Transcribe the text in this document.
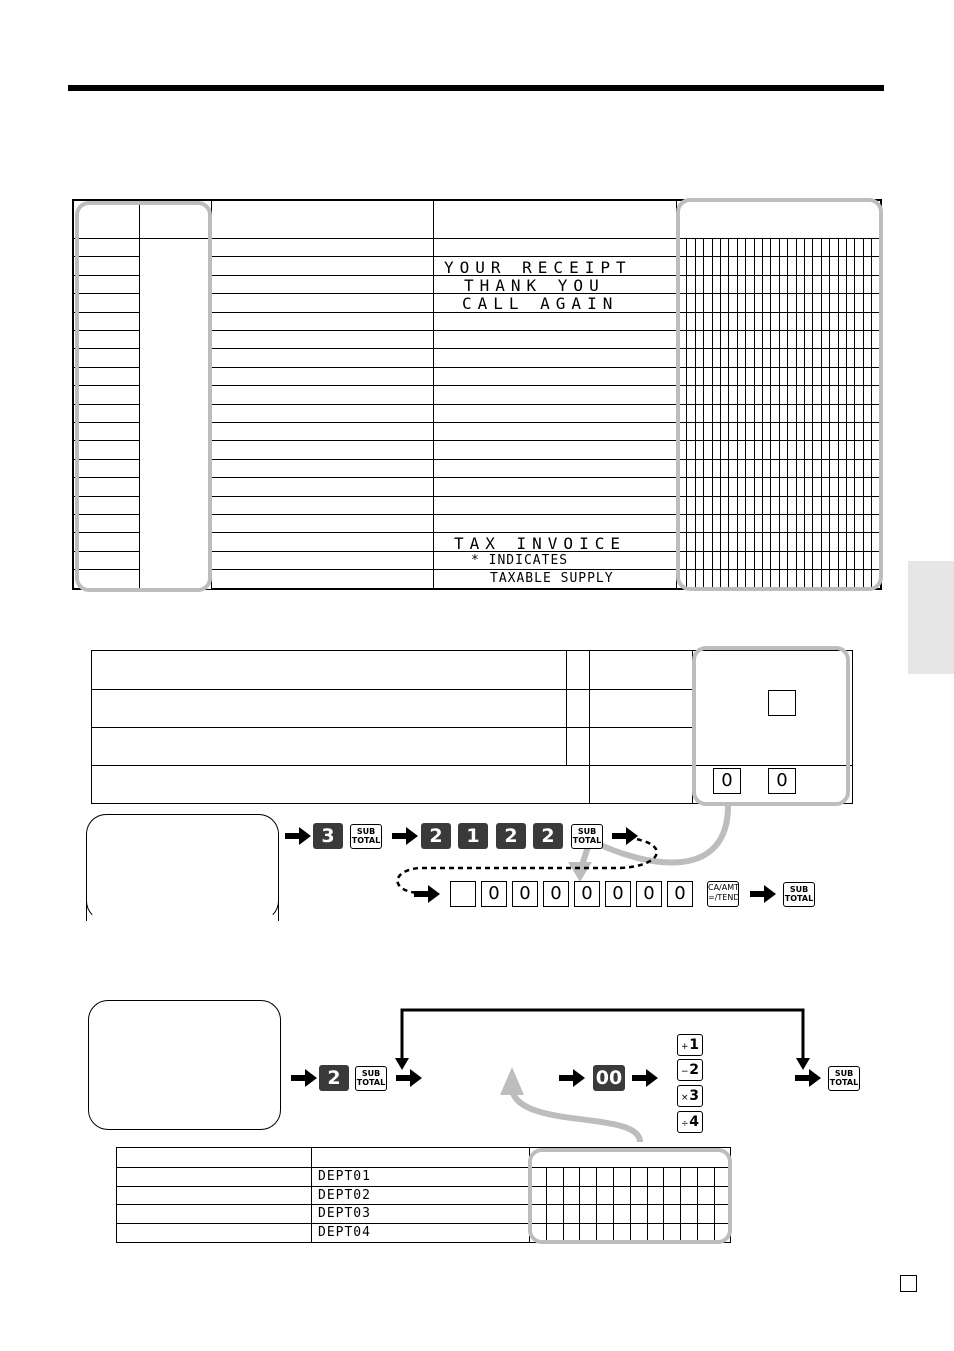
YOUR RECEIPT
THANK YOU
CALL AGAIN
TAX INVOICE
* INDICATES
TAXABLE SUPPLY
0	0
3	SUB
TOTAL	2	1	2	2	SUB
TOTAL
0	0	0	0	0	0	0	CA/AMT
=/TEND
SUB
TOTAL
2	SUB
TOTAL	00
+ 1
− 2
× 3
÷ 4
SUB
TOTAL
DEPT01
DEPT02
DEPT03
DEPT04
